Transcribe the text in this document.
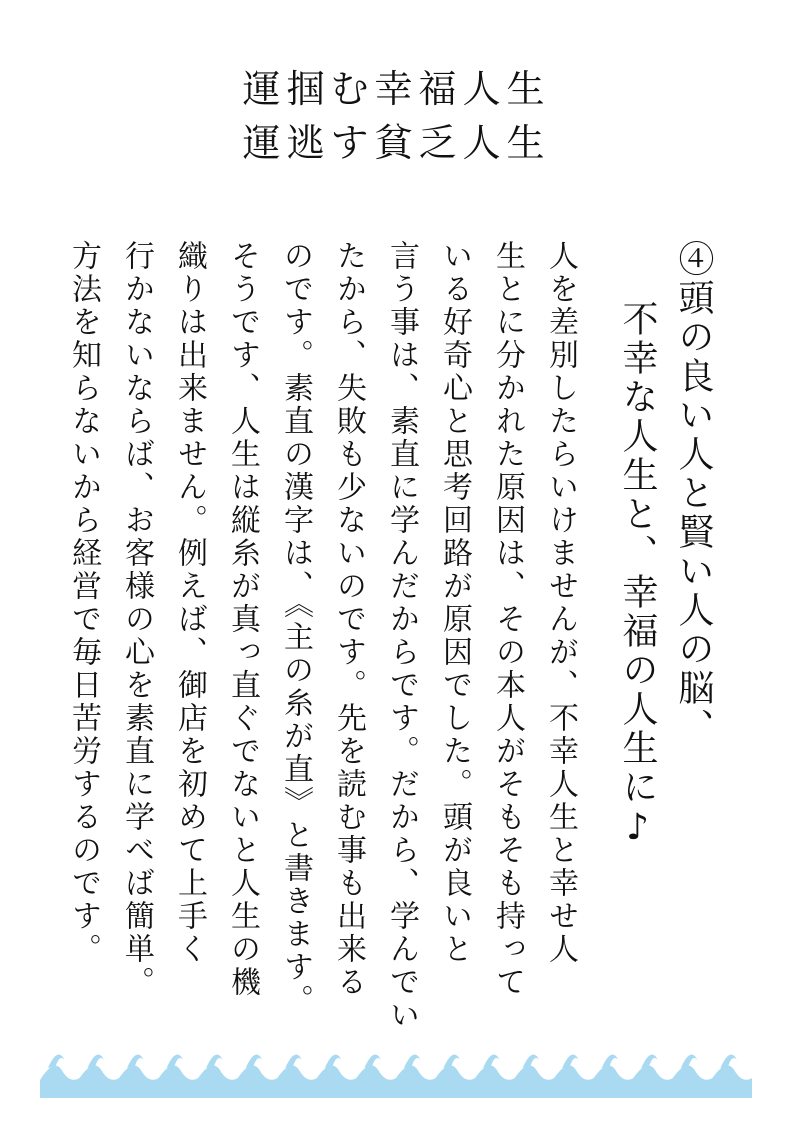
運掴む幸福人生
運逃す貧乏人生
④頭の良い人と賢い人の脳、
不幸な人生と、幸福の人生に♪
人を差別したらいけませんが、不幸人生と幸せ人
生とに分かれた原因は、その本人がそもそも持って
いる好奇心と思考回路が原因でした。頭が良いと
言う事は、素直に学んだからです。だから、学んでい
たから、失敗も少ないのです。先を読む事も出来る
のです。素直の漢字は、《主の糸が直》と書きます。
そうです、人生は縦糸が真っ直ぐでないと人生の機
織りは出来ません。例えば、御店を初めて上手く
行かないならば、お客様の心を素直に学べば簡単。
方法を知らないから経営で毎日苦労するのです。
